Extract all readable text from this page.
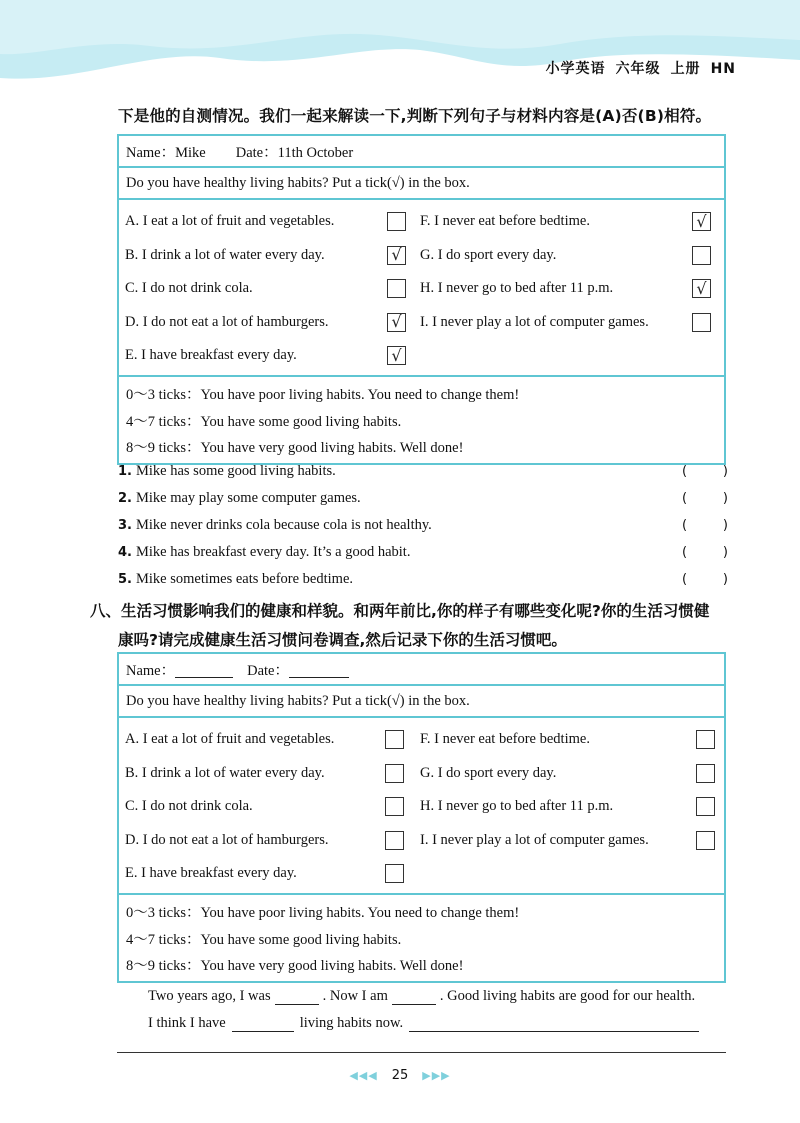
小学英语 六年级 上册 HN
下是他的自测情况。我们一起来解读一下,判断下列句子与材料内容是(A)否(B)相符。
Name：Mike Date：11th October
Do you have healthy living habits? Put a tick(√) in the box.
A. I eat a lot of fruit and vegetables.
B. I drink a lot of water every day.	√
C. I do not drink cola.
D. I do not eat a lot of hamburgers.	√
E. I have breakfast every day.	√
F. I never eat before bedtime.	√
G. I do sport every day.
H. I never go to bed after 11 p.m.	√
I. I never play a lot of computer games.
0～3 ticks：You have poor living habits. You need to change them!
4～7 ticks：You have some good living habits.
8～9 ticks：You have very good living habits. Well done!
1. Mike has some good living habits.	(	)
2. Mike may play some computer games.	(	)
3. Mike never drinks cola because cola is not healthy.	(	)
4. Mike has breakfast every day. It’s a good habit.	(	)
5. Mike sometimes eats before bedtime.	(	)
八、生活习惯影响我们的健康和样貌。和两年前比,你的样子有哪些变化呢?你的生活习惯健
康吗?请完成健康生活习惯问卷调查,然后记录下你的生活习惯吧。
Name：	Date：
Do you have healthy living habits? Put a tick(√) in the box.
A. I eat a lot of fruit and vegetables.
B. I drink a lot of water every day.
C. I do not drink cola.
D. I do not eat a lot of hamburgers.
E. I have breakfast every day.
F. I never eat before bedtime.
G. I do sport every day.
H. I never go to bed after 11 p.m.
I. I never play a lot of computer games.
0～3 ticks：You have poor living habits. You need to change them!
4～7 ticks：You have some good living habits.
8～9 ticks：You have very good living habits. Well done!
Two years ago, I was	. Now I am	. Good living habits are good for our health.
I think I have	living habits now.
◀◀◀ 25 ▶▶▶
